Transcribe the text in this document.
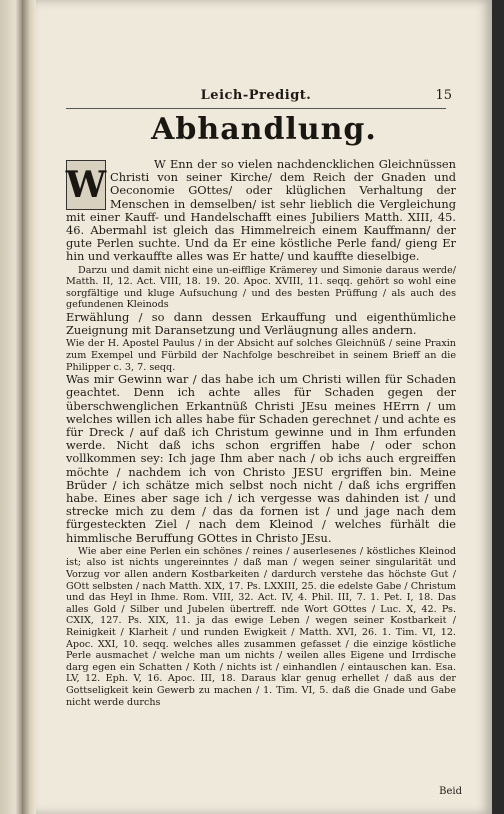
Leich-Predigt.	15
Abhandlung.

W Enn der so vielen nachdencklichen Gleichnüssen Christi von seiner Kirche/ dem Reich der Gnaden und Oeconomie GOttes/ oder klüglichen Verhaltung der Menschen in demselben/ ist sehr lieblich die Vergleichung mit einer Kauff- und Handelschafft eines Jubiliers Matth. XIII, 45. 46. Abermahl ist gleich das Himmelreich einem Kauffmann/ der gute Perlen suchte. Und da Er eine köstliche Perle fand/ gieng Er hin und verkauffte alles was Er hatte/ und kauffte dieselbige.

Darzu und damit nicht eine un-eifflige Krämerey und Simonie daraus werde/ Matth. II, 12. Act. VIII, 18. 19. 20. Apoc. XVIII, 11. seqq. gehört so wohl eine sorgfältige und kluge Aufsuchung / und des besten Prüffung / als auch des gefundenen Kleinods

Erwählung / so dann dessen Erkauffung und eigenthümliche Zueignung mit Daransetzung und Verläugnung alles andern.

Wie der H. Apostel Paulus / in der Absicht auf solches Gleichnüß / seine Praxin zum Exempel und Fürbild der Nachfolge beschreibet in seinem Brieff an die Philipper c. 3, 7. seqq.

Was mir Gewinn war / das habe ich um Christi willen für Schaden geachtet. Denn ich achte alles für Schaden gegen der überschwenglichen Erkantnüß Christi JEsu meines HErrn / um welches willen ich alles habe für Schaden gerechnet / und achte es für Dreck / auf daß ich Christum gewinne und in Ihm erfunden werde. Nicht daß ichs schon ergriffen habe / oder schon vollkommen sey: Ich jage Ihm aber nach / ob ichs auch ergreiffen möchte / nachdem ich von Christo JESU ergriffen bin. Meine Brüder / ich schätze mich selbst noch nicht / daß ichs ergriffen habe. Eines aber sage ich / ich vergesse was dahinden ist / und strecke mich zu dem / das da fornen ist / und jage nach dem fürgesteckten Ziel / nach dem Kleinod / welches fürhält die himmlische Beruffung GOttes in Christo JEsu.

Wie aber eine Perlen ein schönes / reines / auserlesenes / köstliches Kleinod ist; also ist nichts ungereinntes / daß man / wegen seiner singularität und Vorzug vor allen andern Kostbarkeiten / dardurch verstehe das höchste Gut / GOtt selbsten / nach Matth. XIX, 17. Ps. LXXIII, 25. die edelste Gabe / Christum und das Heyl in Ihme. Rom. VIII, 32. Act. IV, 4. Phil. III, 7. 1. Pet. I, 18. Das alles Gold / Silber und Jubelen übertreff. nde Wort GOttes / Luc. X, 42. Ps. CXIX, 127. Ps. XIX, 11. ja das ewige Leben / wegen seiner Kostbarkeit / Reinigkeit / Klarheit / und runden Ewigkeit / Matth. XVI, 26. 1. Tim. VI, 12. Apoc. XXI, 10. seqq. welches alles zusammen gefasset / die einzige köstliche Perle ausmachet / welche man um nichts / weilen alles Eigene und Irrdische darg egen ein Schatten / Koth / nichts ist / einhandlen / eintauschen kan. Esa. LV, 12. Eph. V, 16. Apoc. III, 18. Daraus klar genug erhellet / daß aus der Gottseligkeit kein Gewerb zu machen / 1. Tim. VI, 5. daß die Gnade und Gabe nicht werde durchs

W
Beid
